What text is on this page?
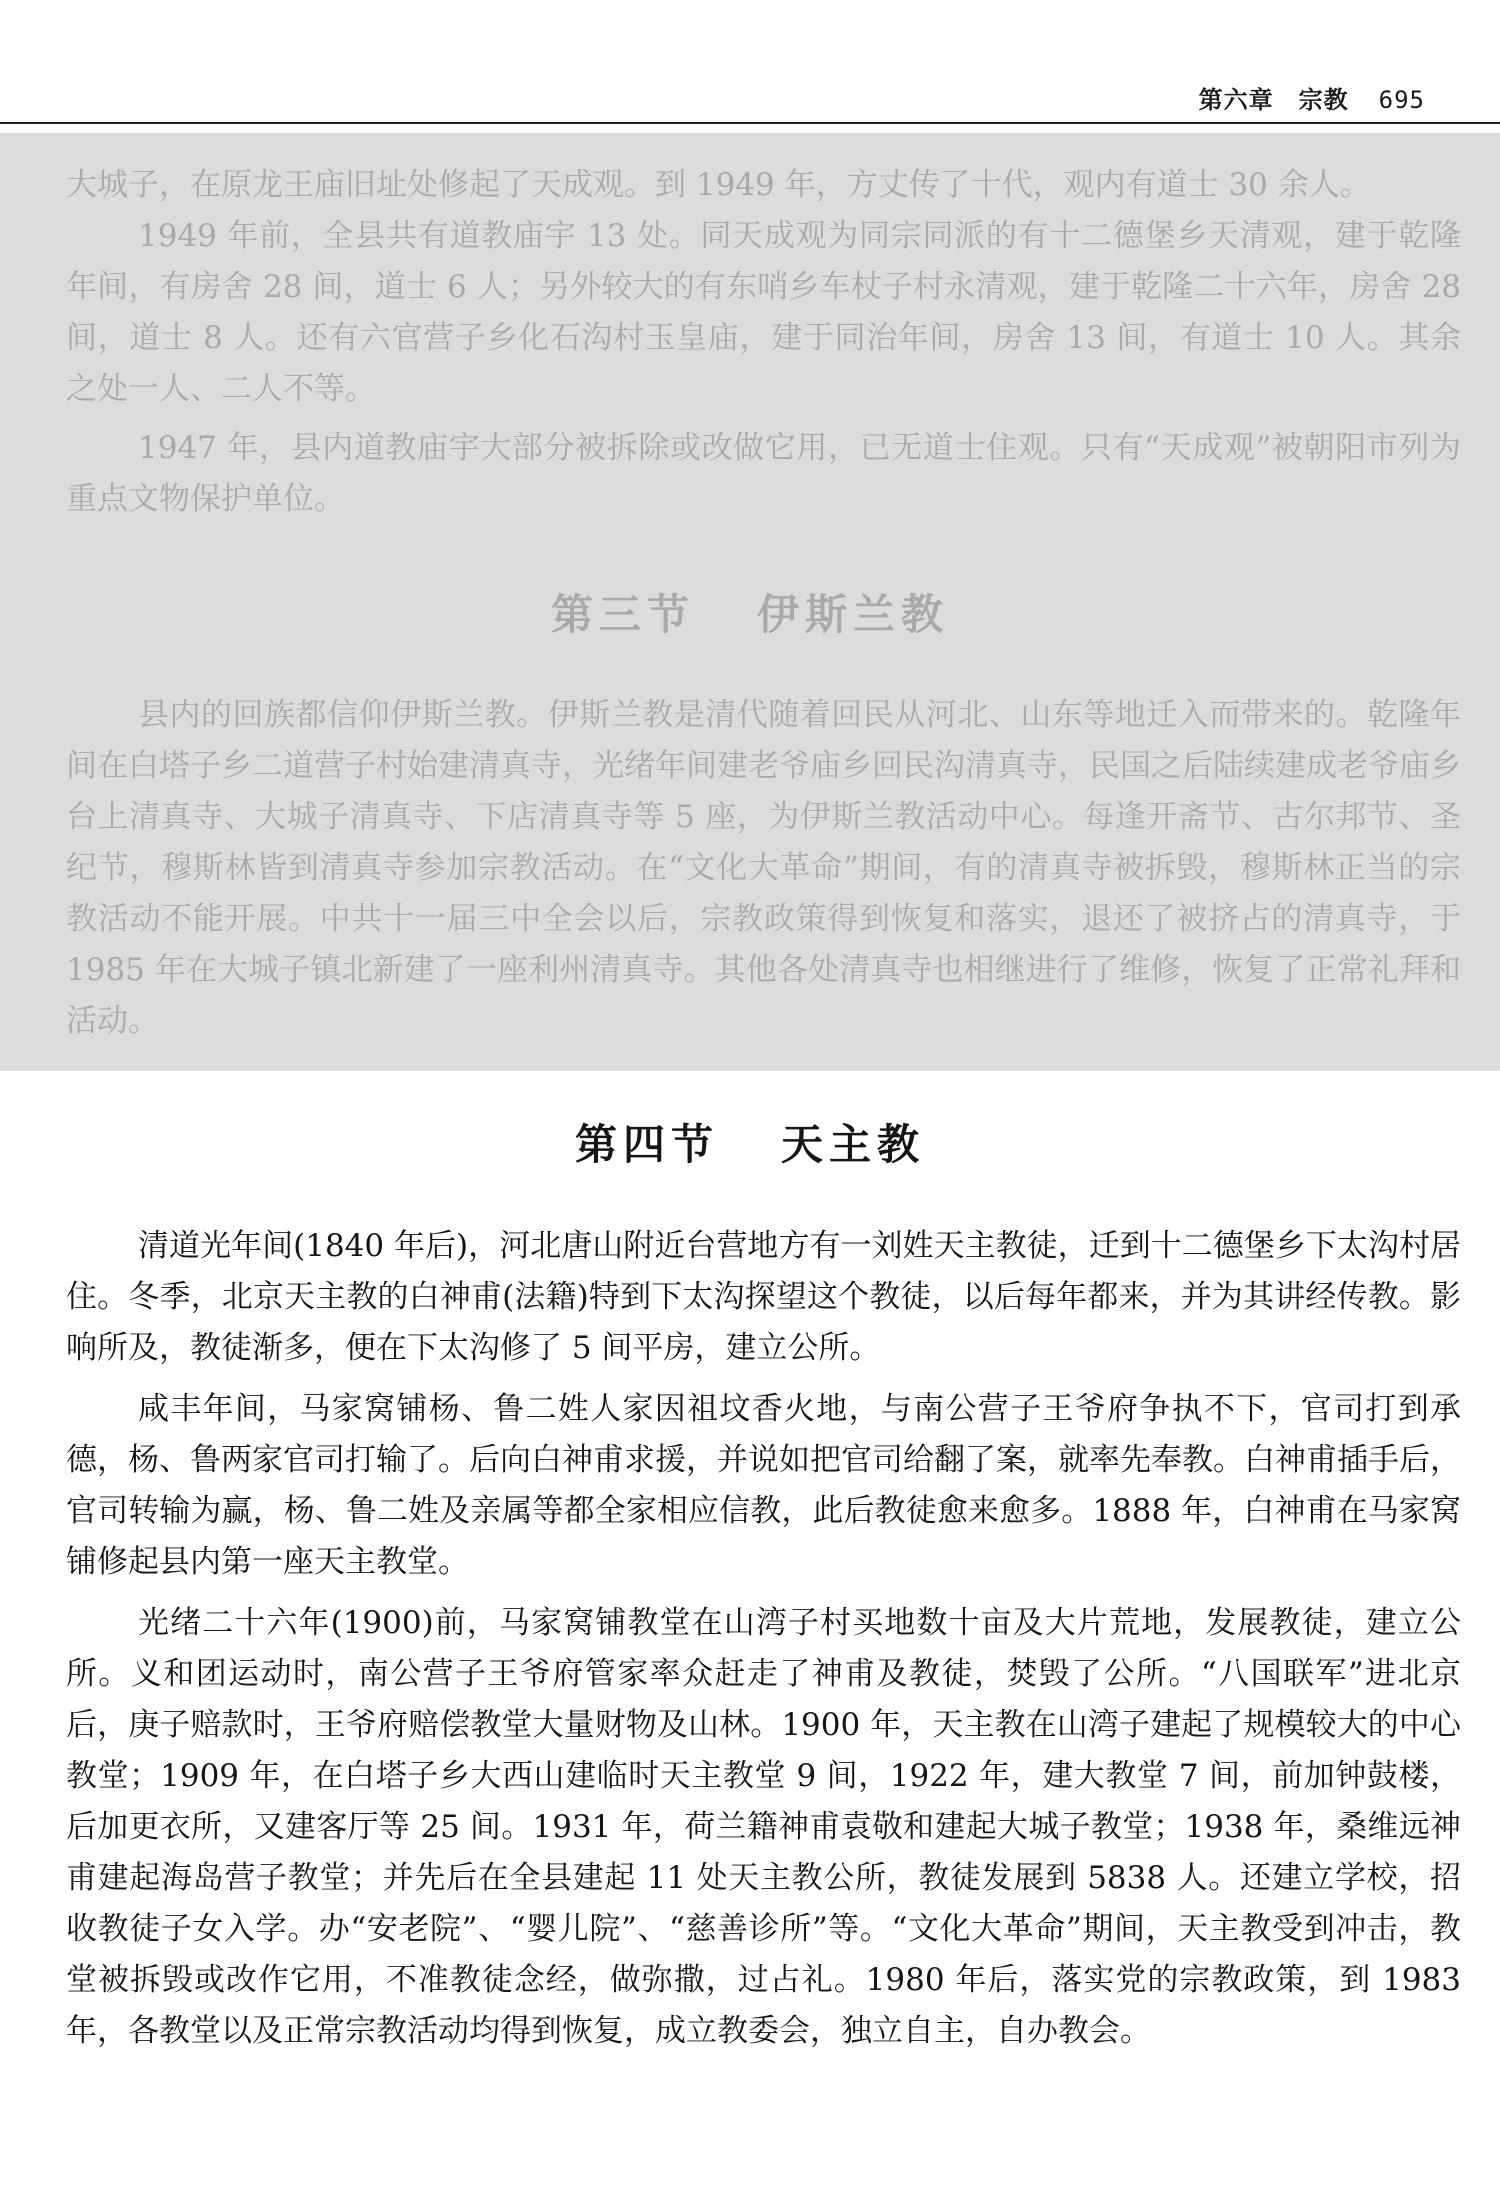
第六章　宗教 695

大城子，在原龙王庙旧址处修起了天成观。到 1949 年，方丈传了十代，观内有道士 30 余人。

1949 年前，全县共有道教庙宇 13 处。同天成观为同宗同派的有十二德堡乡天清观，建于乾隆年间，有房舍 28 间，道士 6 人；另外较大的有东哨乡车杖子村永清观，建于乾隆二十六年，房舍 28 间，道士 8 人。还有六官营子乡化石沟村玉皇庙，建于同治年间，房舍 13 间，有道士 10 人。其余之处一人、二人不等。

1947 年，县内道教庙宇大部分被拆除或改做它用，已无道士住观。只有“天成观”被朝阳市列为重点文物保护单位。

第三节 伊斯兰教

县内的回族都信仰伊斯兰教。伊斯兰教是清代随着回民从河北、山东等地迁入而带来的。乾隆年间在白塔子乡二道营子村始建清真寺，光绪年间建老爷庙乡回民沟清真寺，民国之后陆续建成老爷庙乡台上清真寺、大城子清真寺、下店清真寺等 5 座，为伊斯兰教活动中心。每逢开斋节、古尔邦节、圣纪节，穆斯林皆到清真寺参加宗教活动。在“文化大革命”期间，有的清真寺被拆毁，穆斯林正当的宗教活动不能开展。中共十一届三中全会以后，宗教政策得到恢复和落实，退还了被挤占的清真寺，于 1985 年在大城子镇北新建了一座利州清真寺。其他各处清真寺也相继进行了维修，恢复了正常礼拜和活动。

第四节 天主教

清道光年间(1840 年后)，河北唐山附近台营地方有一刘姓天主教徒，迁到十二德堡乡下太沟村居住。冬季，北京天主教的白神甫(法籍)特到下太沟探望这个教徒，以后每年都来，并为其讲经传教。影响所及，教徒渐多，便在下太沟修了 5 间平房，建立公所。

咸丰年间，马家窝铺杨、鲁二姓人家因祖坟香火地，与南公营子王爷府争执不下，官司打到承德，杨、鲁两家官司打输了。后向白神甫求援，并说如把官司给翻了案，就率先奉教。白神甫插手后，官司转输为赢，杨、鲁二姓及亲属等都全家相应信教，此后教徒愈来愈多。1888 年，白神甫在马家窝铺修起县内第一座天主教堂。

光绪二十六年(1900)前，马家窝铺教堂在山湾子村买地数十亩及大片荒地，发展教徒，建立公所。义和团运动时，南公营子王爷府管家率众赶走了神甫及教徒，焚毁了公所。“八国联军”进北京后，庚子赔款时，王爷府赔偿教堂大量财物及山林。1900 年，天主教在山湾子建起了规模较大的中心教堂；1909 年，在白塔子乡大西山建临时天主教堂 9 间，1922 年，建大教堂 7 间，前加钟鼓楼，后加更衣所，又建客厅等 25 间。1931 年，荷兰籍神甫袁敬和建起大城子教堂；1938 年，桑维远神甫建起海岛营子教堂；并先后在全县建起 11 处天主教公所，教徒发展到 5838 人。还建立学校，招收教徒子女入学。办“安老院”、“婴儿院”、“慈善诊所”等。“文化大革命”期间，天主教受到冲击，教堂被拆毁或改作它用，不准教徒念经，做弥撒，过占礼。1980 年后，落实党的宗教政策，到 1983 年，各教堂以及正常宗教活动均得到恢复，成立教委会，独立自主，自办教会。
